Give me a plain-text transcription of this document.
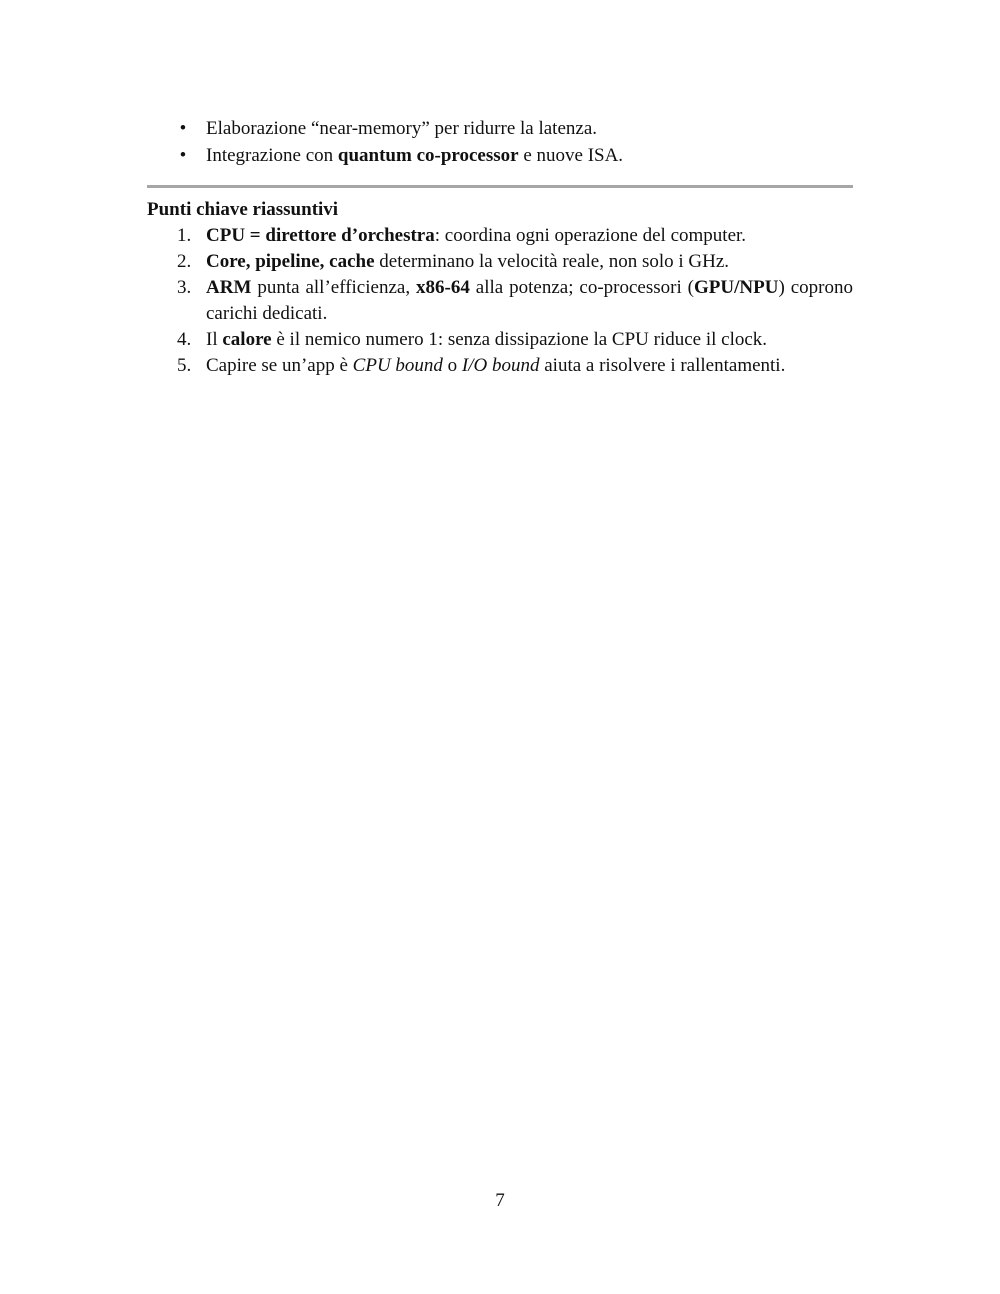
• Elaborazione “near-memory” per ridurre la latenza.
• Integrazione con quantum co-processor e nuove ISA.
Punti chiave riassuntivi
1. CPU = direttore d’orchestra: coordina ogni operazione del computer.
2. Core, pipeline, cache determinano la velocità reale, non solo i GHz.
3. ARM punta all’efficienza, x86-64 alla potenza; co-processori (GPU/NPU) coprono carichi dedicati.
4. Il calore è il nemico numero 1: senza dissipazione la CPU riduce il clock.
5. Capire se un’app è CPU bound o I/O bound aiuta a risolvere i rallentamenti.
7
